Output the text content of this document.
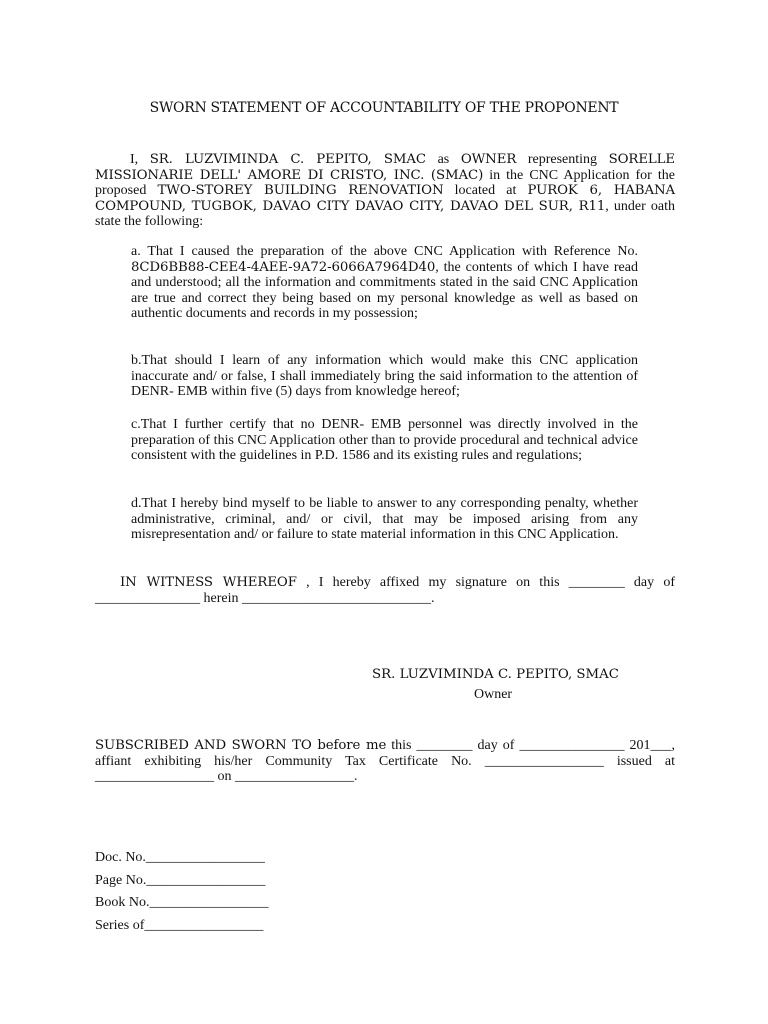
SWORN STATEMENT OF ACCOUNTABILITY OF THE PROPONENT
I, SR. LUZVIMINDA C. PEPITO, SMAC as OWNER representing SORELLE MISSIONARIE DELL' AMORE DI CRISTO, INC. (SMAC) in the CNC Application for the proposed TWO-STOREY BUILDING RENOVATION located at PUROK 6, HABANA COMPOUND, TUGBOK, DAVAO CITY DAVAO CITY, DAVAO DEL SUR, R11, under oath state the following:
a. That I caused the preparation of the above CNC Application with Reference No. 8CD6BB88-CEE4-4AEE-9A72-6066A7964D40, the contents of which I have read and understood; all the information and commitments stated in the said CNC Application are true and correct they being based on my personal knowledge as well as based on authentic documents and records in my possession;
b.That should I learn of any information which would make this CNC application inaccurate and/ or false, I shall immediately bring the said information to the attention of DENR- EMB within five (5) days from knowledge hereof;
c.That I further certify that no DENR- EMB personnel was directly involved in the preparation of this CNC Application other than to provide procedural and technical advice consistent with the guidelines in P.D. 1586 and its existing rules and regulations;
d.That I hereby bind myself to be liable to answer to any corresponding penalty, whether administrative, criminal, and/ or civil, that may be imposed arising from any misrepresentation and/ or failure to state material information in this CNC Application.
IN WITNESS WHEREOF , I hereby affixed my signature on this ________ day of _______________ herein ___________________________.
SR. LUZVIMINDA C. PEPITO, SMAC
Owner
SUBSCRIBED AND SWORN TO before me this ________ day of _______________ 201___, affiant exhibiting his/her Community Tax Certificate No. _________________ issued at _________________ on _________________.
Doc. No._________________
Page No._________________
Book No._________________
Series of_________________
